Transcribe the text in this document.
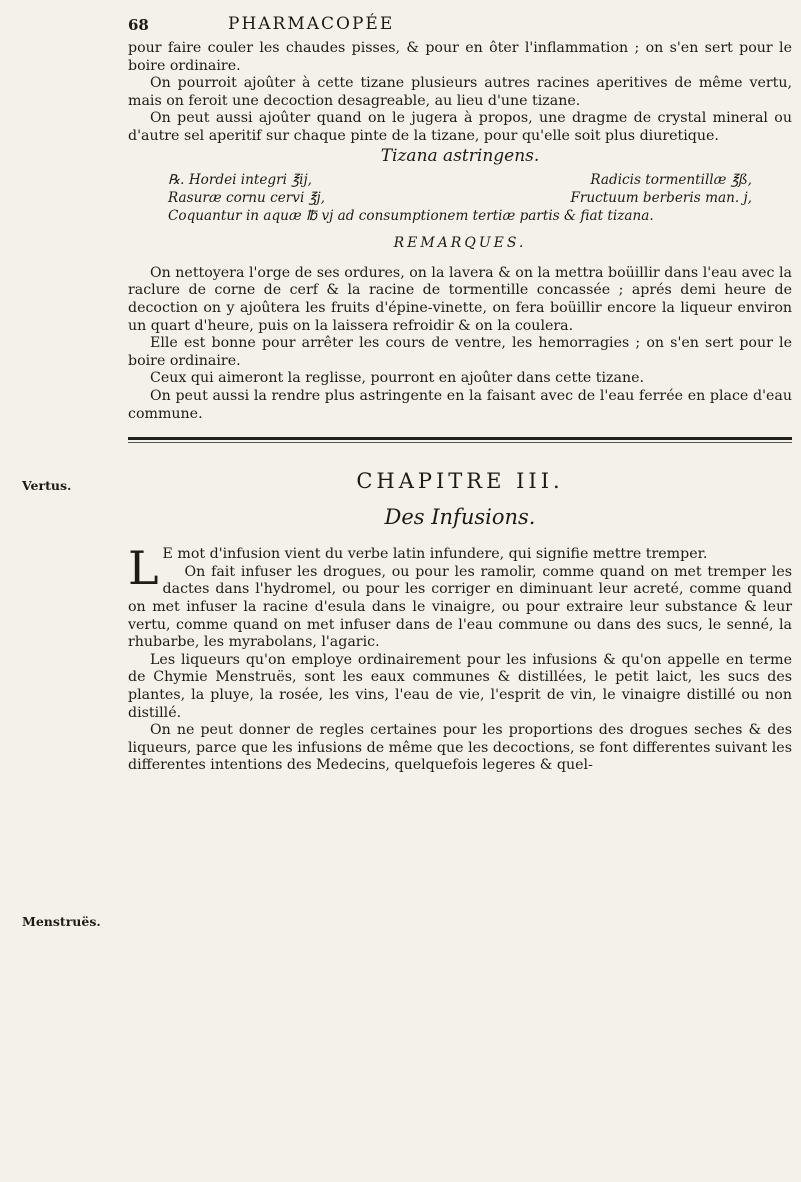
68	PHARMACOPÉE
Vertus.
Menstruës.

pour faire couler les chaudes pisses, & pour en ôter l'inflammation ; on s'en sert pour le boire ordinaire.

On pourroit ajoûter à cette tizane plusieurs autres racines aperitives de même vertu, mais on feroit une decoction desagreable, au lieu d'une tizane.

On peut aussi ajoûter quand on le jugera à propos, une dragme de crystal mineral ou d'autre sel aperitif sur chaque pinte de la tizane, pour qu'elle soit plus diuretique.

Tizana astringens.

℞. Hordei integri ℥ij,	Radicis tormentillæ ℥ß,
Rasuræ cornu cervi ℥j,	Fructuum berberis man. j,
Coquantur in aquæ ℔ vj ad consumptionem tertiæ partis & fiat tizana.
REMARQUES.

On nettoyera l'orge de ses ordures, on la lavera & on la mettra boüillir dans l'eau avec la raclure de corne de cerf & la racine de tormentille concassée ; aprés demi heure de decoction on y ajoûtera les fruits d'épine-vinette, on fera boüillir encore la liqueur environ un quart d'heure, puis on la laissera refroidir & on la coulera.

Elle est bonne pour arrêter les cours de ventre, les hemorragies ; on s'en sert pour le boire ordinaire.

Ceux qui aimeront la reglisse, pourront en ajoûter dans cette tizane.

On peut aussi la rendre plus astringente en la faisant avec de l'eau ferrée en place d'eau commune.

CHAPITRE III.
Des Infusions.

L E mot d'infusion vient du verbe latin infundere, qui signifie mettre tremper.

On fait infuser les drogues, ou pour les ramolir, comme quand on met tremper les dactes dans l'hydromel, ou pour les corriger en diminuant leur acreté, comme quand on met infuser la racine d'esula dans le vinaigre, ou pour extraire leur substance & leur vertu, comme quand on met infuser dans de l'eau commune ou dans des sucs, le senné, la rhubarbe, les myrabolans, l'agaric.

Les liqueurs qu'on employe ordinairement pour les infusions & qu'on appelle en terme de Chymie Menstruës, sont les eaux communes & distillées, le petit laict, les sucs des plantes, la pluye, la rosée, les vins, l'eau de vie, l'esprit de vin, le vinaigre distillé ou non distillé.

On ne peut donner de regles certaines pour les proportions des drogues seches & des liqueurs, parce que les infusions de même que les decoctions, se font differentes suivant les differentes intentions des Medecins, quelquefois legeres & quel-
